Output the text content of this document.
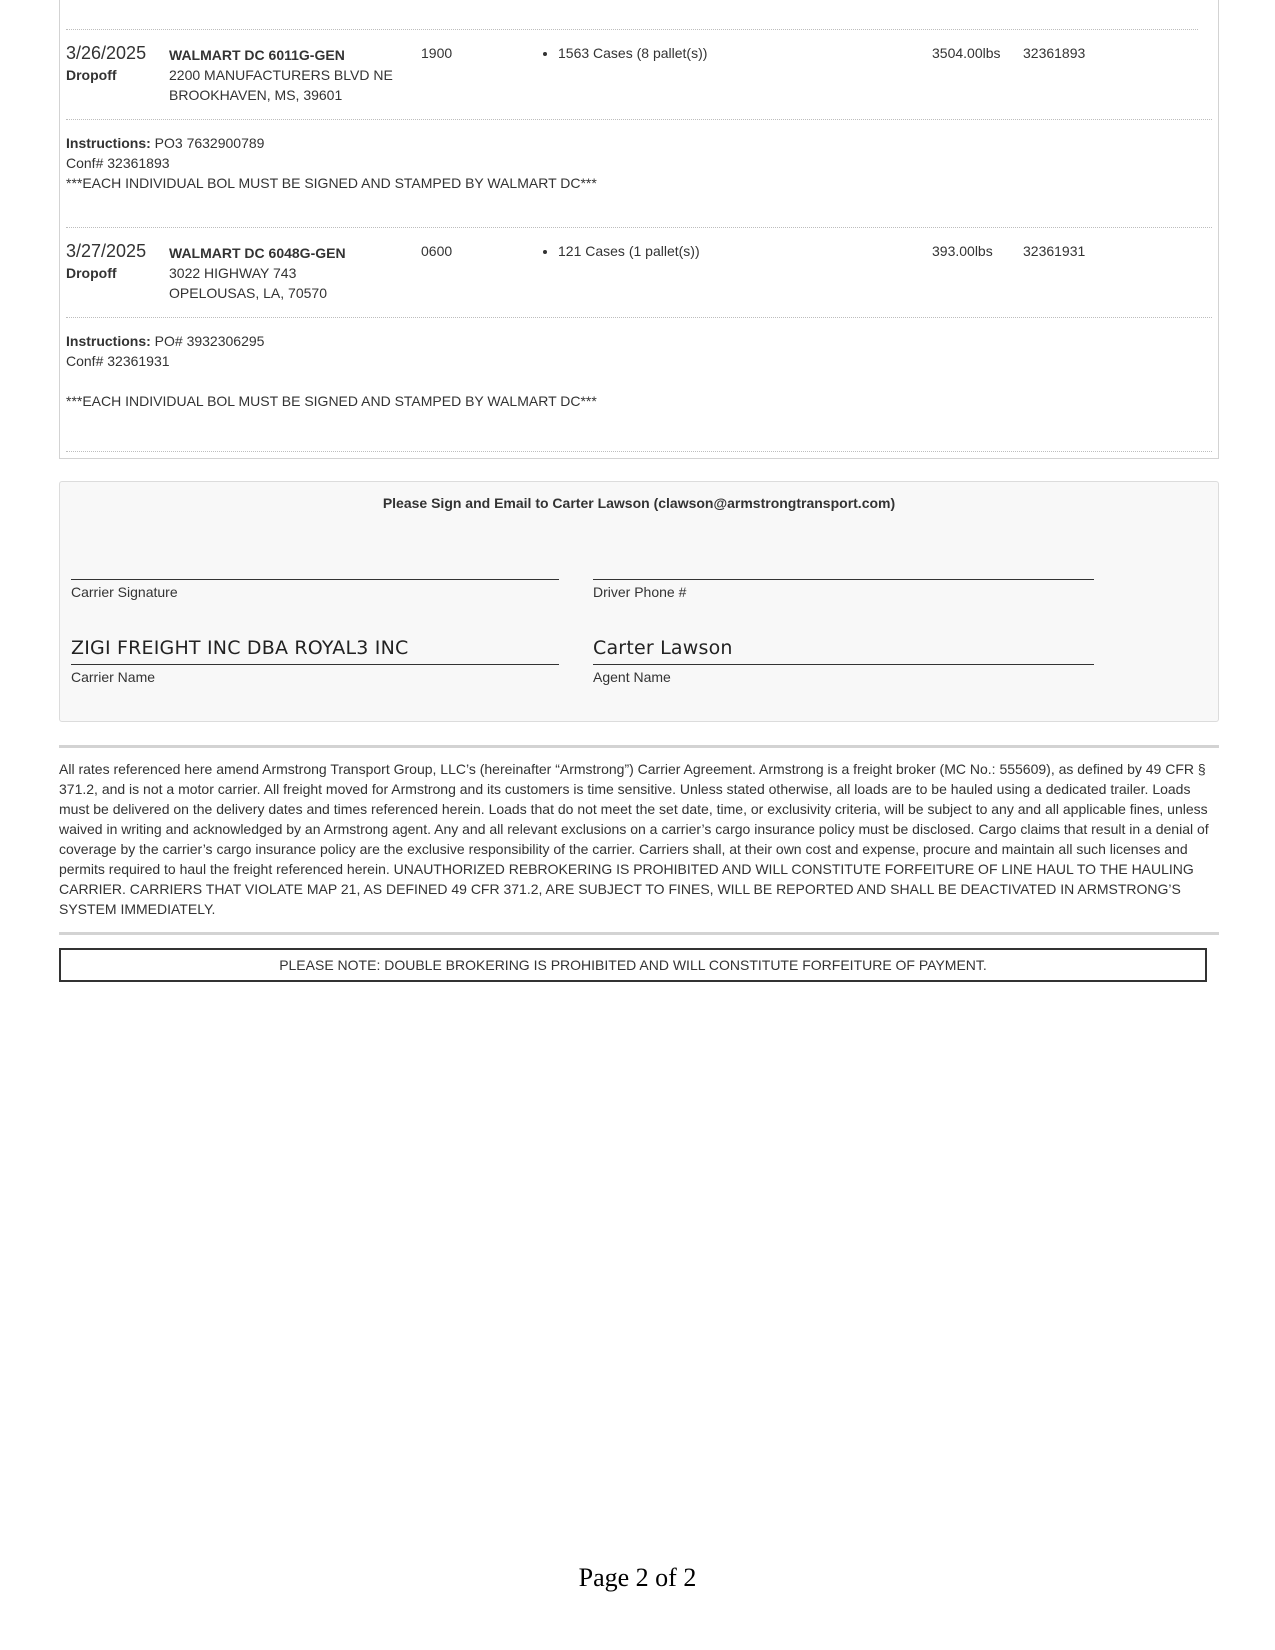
3/26/2025
Dropoff
WALMART DC 6011G-GEN
2200 MANUFACTURERS BLVD NE
BROOKHAVEN, MS, 39601
1900	• 1563 Cases (8 pallet(s))	3504.00lbs 32361893
Instructions: PO3 7632900789
Conf# 32361893
***EACH INDIVIDUAL BOL MUST BE SIGNED AND STAMPED BY WALMART DC***
3/27/2025
Dropoff
WALMART DC 6048G-GEN
3022 HIGHWAY 743
OPELOUSAS, LA, 70570
0600	• 121 Cases (1 pallet(s))	393.00lbs 32361931
Instructions: PO# 3932306295
Conf# 32361931
***EACH INDIVIDUAL BOL MUST BE SIGNED AND STAMPED BY WALMART DC***
Please Sign and Email to Carter Lawson (clawson@armstrongtransport.com)
Carrier Signature	Driver Phone #
ZIGI FREIGHT INC DBA ROYAL3 INC
Carrier Name
Carter Lawson
Agent Name

All rates referenced here amend Armstrong Transport Group, LLC’s (hereinafter “Armstrong”) Carrier Agreement. Armstrong is a freight broker (MC No.: 555609), as defined by 49 CFR § 371.2, and is not a motor carrier. All freight moved for Armstrong and its customers is time sensitive. Unless stated otherwise, all loads are to be hauled using a dedicated trailer. Loads must be delivered on the delivery dates and times referenced herein. Loads that do not meet the set date, time, or exclusivity criteria, will be subject to any and all applicable fines, unless waived in writing and acknowledged by an Armstrong agent. Any and all relevant exclusions on a carrier’s cargo insurance policy must be disclosed. Cargo claims that result in a denial of coverage by the carrier’s cargo insurance policy are the exclusive responsibility of the carrier. Carriers shall, at their own cost and expense, procure and maintain all such licenses and permits required to haul the freight referenced herein. UNAUTHORIZED REBROKERING IS PROHIBITED AND WILL CONSTITUTE FORFEITURE OF LINE HAUL TO THE HAULING CARRIER. CARRIERS THAT VIOLATE MAP 21, AS DEFINED 49 CFR 371.2, ARE SUBJECT TO FINES, WILL BE REPORTED AND SHALL BE DEACTIVATED IN ARMSTRONG’S SYSTEM IMMEDIATELY.

PLEASE NOTE: DOUBLE BROKERING IS PROHIBITED AND WILL CONSTITUTE FORFEITURE OF PAYMENT.
Page 2 of 2
